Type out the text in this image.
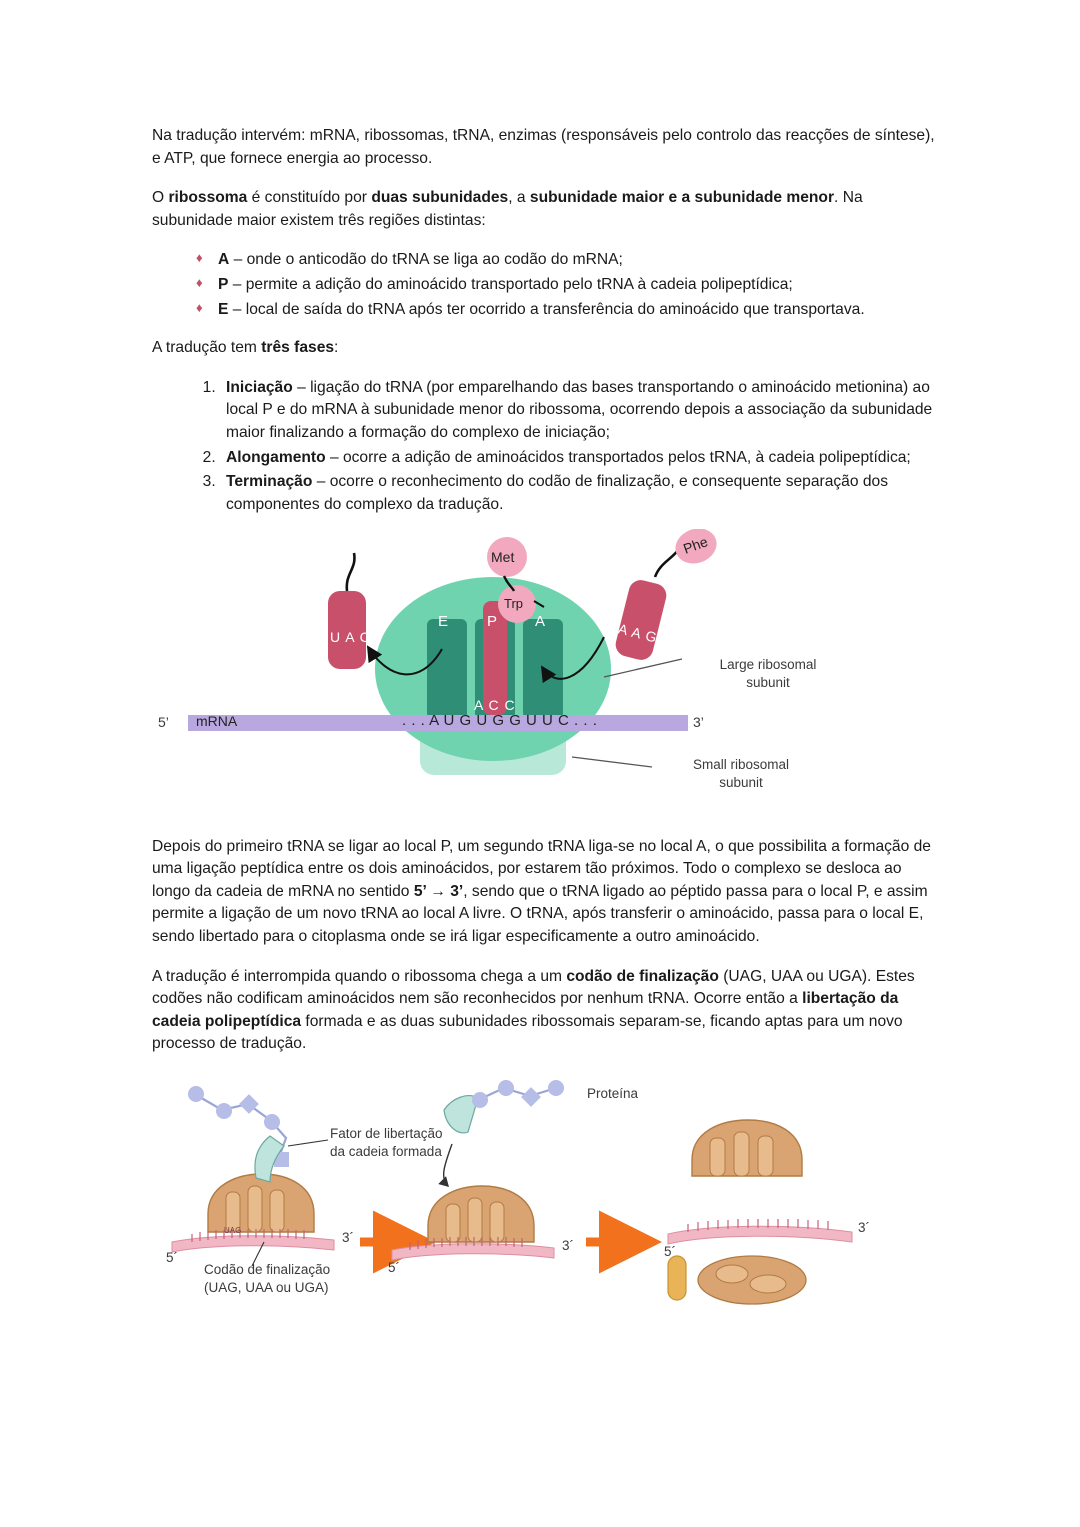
Na tradução intervém: mRNA, ribossomas, tRNA, enzimas (responsáveis pelo controlo das reacções de síntese), e ATP, que fornece energia ao processo.

O ribossoma é constituído por duas subunidades, a subunidade maior e a subunidade menor. Na subunidade maior existem três regiões distintas:

♦ A – onde o anticodão do tRNA se liga ao codão do mRNA;
♦ P – permite a adição do aminoácido transportado pelo tRNA à cadeia polipeptídica;
♦ E – local de saída do tRNA após ter ocorrido a transferência do aminoácido que transportava.

A tradução tem três fases:

1. Iniciação – ligação do tRNA (por emparelhando das bases transportando o aminoácido metionina) ao local P e do mRNA à subunidade menor do ribossoma, ocorrendo depois a associação da subunidade maior finalizando a formação do complexo de iniciação;
2. Alongamento – ocorre a adição de aminoácidos transportados pelos tRNA, à cadeia polipeptídica;
3. Terminação – ocorre o reconhecimento do codão de finalização, e consequente separação dos componentes do complexo da tradução.
E	P	A
Met
Trp
Phe
U A C
A C C
A A G
5’	3’
mRNA	. . . A U G U G G U U C . . .
Large ribosomal
subunit
Small ribosomal
subunit

Depois do primeiro tRNA se ligar ao local P, um segundo tRNA liga-se no local A, o que possibilita a formação de uma ligação peptídica entre os dois aminoácidos, por estarem tão próximos. Todo o complexo se desloca ao longo da cadeia de mRNA no sentido 5’ → 3’, sendo que o tRNA ligado ao péptido passa para o local P, e assim permite a ligação de um novo tRNA ao local A livre. O tRNA, após transferir o aminoácido, passa para o local E, sendo libertado para o citoplasma onde se irá ligar especificamente a outro aminoácido.

A tradução é interrompida quando o ribossoma chega a um codão de finalização (UAG, UAA ou UGA). Estes codões não codificam aminoácidos nem são reconhecidos por nenhum tRNA. Ocorre então a libertação da cadeia polipeptídica formada e as duas subunidades ribossomais separam-se, ficando aptas para um novo processo de tradução.

Fator de libertação
da cadeia formada
Proteína
Codão de finalização
(UAG, UAA ou UGA)
3´
5´
3´
5´
3´
5´
UAG
